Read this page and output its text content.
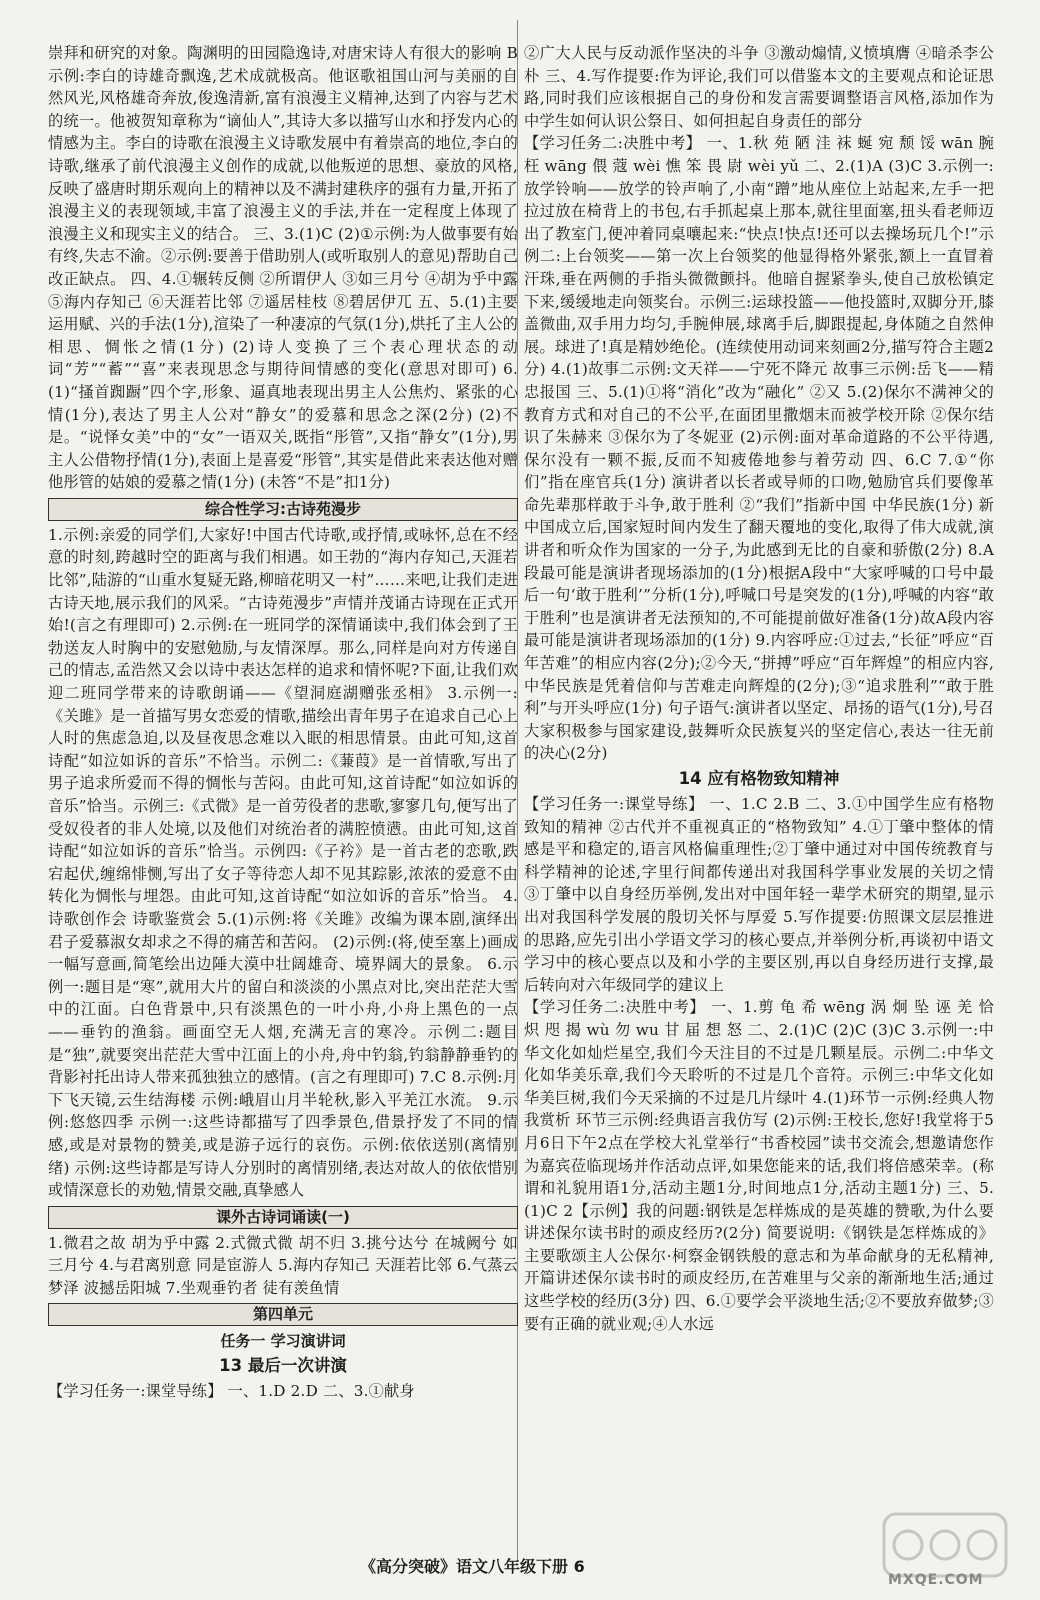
崇拜和研究的对象。陶渊明的田园隐逸诗,对唐宋诗人有很大的影响 B示例:李白的诗雄奇飘逸,艺术成就极高。他讴歌祖国山河与美丽的自然风光,风格雄奇奔放,俊逸清新,富有浪漫主义精神,达到了内容与艺术的统一。他被贺知章称为“谪仙人”,其诗大多以描写山水和抒发内心的情感为主。李白的诗歌在浪漫主义诗歌发展中有着崇高的地位,李白的诗歌,继承了前代浪漫主义创作的成就,以他叛逆的思想、豪放的风格,反映了盛唐时期乐观向上的精神以及不满封建秩序的强有力量,开拓了浪漫主义的表现领域,丰富了浪漫主义的手法,并在一定程度上体现了浪漫主义和现实主义的结合。 三、3.(1)C (2)①示例:为人做事要有始有终,失志不渝。②示例:要善于借助别人(或听取别人的意见)帮助自己改正缺点。 四、4.①辗转反侧 ②所谓伊人 ③如三月兮 ④胡为乎中露 ⑤海内存知己 ⑥天涯若比邻 ⑦遥居桂枝 ⑧碧居伊兀 五、5.(1)主要运用赋、兴的手法(1分),渲染了一种凄凉的气氛(1分),烘托了主人公的相思、惆怅之情(1分) (2)诗人变换了三个表心理状态的动词“芳”“蓄”“喜”来表现思念与期待间情感的变化(意思对即可) 6.(1)“搔首踟蹰”四个字,形象、逼真地表现出男主人公焦灼、紧张的心情(1分),表达了男主人公对“静女”的爱慕和思念之深(2分) (2)不是。“说怿女美”中的“女”一语双关,既指“彤管”,又指“静女”(1分),男主人公借物抒情(1分),表面上是喜爱“彤管”,其实是借此来表达他对赠他彤管的姑娘的爱慕之情(1分) (未答“不是”扣1分)

综合性学习:古诗苑漫步

1.示例:亲爱的同学们,大家好!中国古代诗歌,或抒情,或咏怀,总在不经意的时刻,跨越时空的距离与我们相遇。如王勃的“海内存知己,天涯若比邻”,陆游的“山重水复疑无路,柳暗花明又一村”……来吧,让我们走进古诗天地,展示我们的风采。“古诗苑漫步”声情并茂诵古诗现在正式开始!(言之有理即可) 2.示例:在一班同学的深情诵读中,我们体会到了王勃送友人时胸中的安慰勉励,与友情深厚。那么,同样是向对方传递自己的情志,孟浩然又会以诗中表达怎样的追求和情怀呢?下面,让我们欢迎二班同学带来的诗歌朗诵——《望洞庭湖赠张丞相》 3.示例一:《关雎》是一首描写男女恋爱的情歌,描绘出青年男子在追求自己心上人时的焦虑急迫,以及昼夜思念难以入眠的相思情景。由此可知,这首诗配“如泣如诉的音乐”不恰当。示例二:《蒹葭》是一首情歌,写出了男子追求所爱而不得的惆怅与苦闷。由此可知,这首诗配“如泣如诉的音乐”恰当。示例三:《式微》是一首劳役者的悲歌,寥寥几句,便写出了受奴役者的非人处境,以及他们对统治者的满腔愤懑。由此可知,这首诗配“如泣如诉的音乐”恰当。示例四:《子衿》是一首古老的恋歌,跌宕起伏,缠绵悱恻,写出了女子等待恋人却不见其踪影,浓浓的爱意不由转化为惆怅与埋怨。由此可知,这首诗配“如泣如诉的音乐”恰当。 4.诗歌创作会 诗歌鉴赏会 5.(1)示例:将《关雎》改编为课本剧,演绎出君子爱慕淑女却求之不得的痛苦和苦闷。 (2)示例:(将,使至塞上)画成一幅写意画,简笔绘出边陲大漠中壮阔雄奇、境界阔大的景象。 6.示例一:题目是“寒”,就用大片的留白和淡淡的小黑点对比,突出茫茫大雪中的江面。白色背景中,只有淡黑色的一叶小舟,小舟上黑色的一点——垂钓的渔翁。画面空无人烟,充满无言的寒冷。示例二:题目是“独”,就要突出茫茫大雪中江面上的小舟,舟中钓翁,钓翁静静垂钓的背影衬托出诗人带来孤独独立的感情。(言之有理即可) 7.C 8.示例:月下飞天镜,云生结海楼 示例:峨眉山月半轮秋,影入平羌江水流。 9.示例:悠悠四季 示例一:这些诗都描写了四季景色,借景抒发了不同的情感,或是对景物的赞美,或是游子远行的哀伤。示例:依依送别(离情别绪) 示例:这些诗都是写诗人分别时的离情别绪,表达对故人的依依惜别或情深意长的劝勉,情景交融,真挚感人

课外古诗词诵读(一)

1.微君之故 胡为乎中露 2.式微式微 胡不归 3.挑兮达兮 在城阙兮 如三月兮 4.与君离别意 同是宦游人 5.海内存知己 天涯若比邻 6.气蒸云梦泽 波撼岳阳城 7.坐观垂钓者 徒有羡鱼情

第四单元
任务一 学习演讲词
13 最后一次讲演

【学习任务一:课堂导练】 一、1.D 2.D 二、3.①献身

②广大人民与反动派作坚决的斗争 ③激动煽情,义愤填膺 ④暗杀李公朴 三、4.写作提要:作为评论,我们可以借鉴本文的主要观点和论证思路,同时我们应该根据自己的身份和发言需要调整语言风格,添加作为中学生如何认识公祭日、如何担起自身责任的部分

【学习任务二:决胜中考】 一、1.秋 苑 陋 洼 袜 蜒 宛 颓 馁 wān 腕 枉 wāng 偎 蔻 wèi 憔 笨 畏 尉 wèi yǔ 二、2.(1)A (3)C 3.示例一:放学铃响——放学的铃声响了,小南“蹭”地从座位上站起来,左手一把拉过放在椅背上的书包,右手抓起桌上那本,就往里面塞,扭头看老师迈出了教室门,便冲着同桌嚷起来:“快点!快点!还可以去操场玩几个!”示例二:上台领奖——第一次上台领奖的他显得格外紧张,额上一直冒着汗珠,垂在两侧的手指头微微颤抖。他暗自握紧拳头,使自己放松镇定下来,缓缓地走向领奖台。示例三:运球投篮——他投篮时,双脚分开,膝盖微曲,双手用力均匀,手腕伸展,球离手后,脚跟提起,身体随之自然伸展。球进了!真是精妙绝伦。(连续使用动词来刻画2分,描写符合主题2分) 4.(1)故事二示例:文天祥——宁死不降元 故事三示例:岳飞——精忠报国 三、5.(1)①将“消化”改为“融化” ②又 5.(2)保尔不满神父的教育方式和对自己的不公平,在面团里撒烟末而被学校开除 ②保尔结识了朱赫来 ③保尔为了冬妮亚 (2)示例:面对革命道路的不公平待遇,保尔没有一颗不振,反而不知疲倦地参与着劳动 四、6.C 7.①“你们”指在座官兵(1分) 演讲者以长者或导师的口吻,勉励官兵们要像革命先辈那样敢于斗争,敢于胜利 ②“我们”指新中国 中华民族(1分) 新中国成立后,国家短时间内发生了翻天覆地的变化,取得了伟大成就,演讲者和听众作为国家的一分子,为此感到无比的自豪和骄傲(2分) 8.A 段最可能是演讲者现场添加的(1分)根据A段中“大家呼喊的口号中最后一句‘敢于胜利’”分析(1分),呼喊口号是突发的(1分),呼喊的内容“敢于胜利”也是演讲者无法预知的,不可能提前做好准备(1分)故A段内容最可能是演讲者现场添加的(1分) 9.内容呼应:①过去,“长征”呼应“百年苦难”的相应内容(2分);②今天,“拼搏”呼应“百年辉煌”的相应内容,中华民族是凭着信仰与苦难走向辉煌的(2分);③“追求胜利”“敢于胜利”与开头呼应(1分) 句子语气:演讲者以坚定、昂扬的语气(1分),号召大家积极参与国家建设,鼓舞听众民族复兴的坚定信心,表达一往无前的决心(2分)

14 应有格物致知精神

【学习任务一:课堂导练】 一、1.C 2.B 二、3.①中国学生应有格物致知的精神 ②古代并不重视真正的“格物致知” 4.①丁肇中整体的情感是平和稳定的,语言风格偏重理性;②丁肇中通过对中国传统教育与科学精神的论述,字里行间都传递出对我国科学事业发展的关切之情 ③丁肇中以自身经历举例,发出对中国年轻一辈学术研究的期望,显示出对我国科学发展的殷切关怀与厚爱 5.写作提要:仿照课文层层推进的思路,应先引出小学语文学习的核心要点,并举例分析,再谈初中语文学习中的核心要点以及和小学的主要区别,再以自身经历进行支撑,最后转向对六年级同学的建议上

【学习任务二:决胜中考】 一、1.剪 龟 希 wēng 涡 炯 坠 诬 羌 恰 炽 咫 揭 wù 勿 wu 甘 届 想 怒 二、2.(1)C (2)C (3)C 3.示例一:中华文化如灿烂星空,我们今天注目的不过是几颗星辰。示例二:中华文化如华美乐章,我们今天聆听的不过是几个音符。示例三:中华文化如华美巨树,我们今天采摘的不过是几片绿叶 4.(1)环节一示例:经典人物我赏析 环节三示例:经典语言我仿写 (2)示例:王校长,您好!我堂将于5月6日下午2点在学校大礼堂举行“书香校园”读书交流会,想邀请您作为嘉宾莅临现场并作活动点评,如果您能来的话,我们将倍感荣幸。(称谓和礼貌用语1分,活动主题1分,时间地点1分,活动主题1分) 三、5.(1)C 2【示例】我的问题:钢铁是怎样炼成的是英雄的赞歌,为什么要讲述保尔读书时的顽皮经历?(2分) 简要说明:《钢铁是怎样炼成的》主要歌颂主人公保尔·柯察金钢铁般的意志和为革命献身的无私精神,开篇讲述保尔读书时的顽皮经历,在苦难里与父亲的渐渐地生活;通过这些学校的经历(3分) 四、6.①要学会平淡地生活;②不要放弃做梦;③要有正确的就业观;④人水远

《高分突破》语文八年级下册 6
MXQE.COM
